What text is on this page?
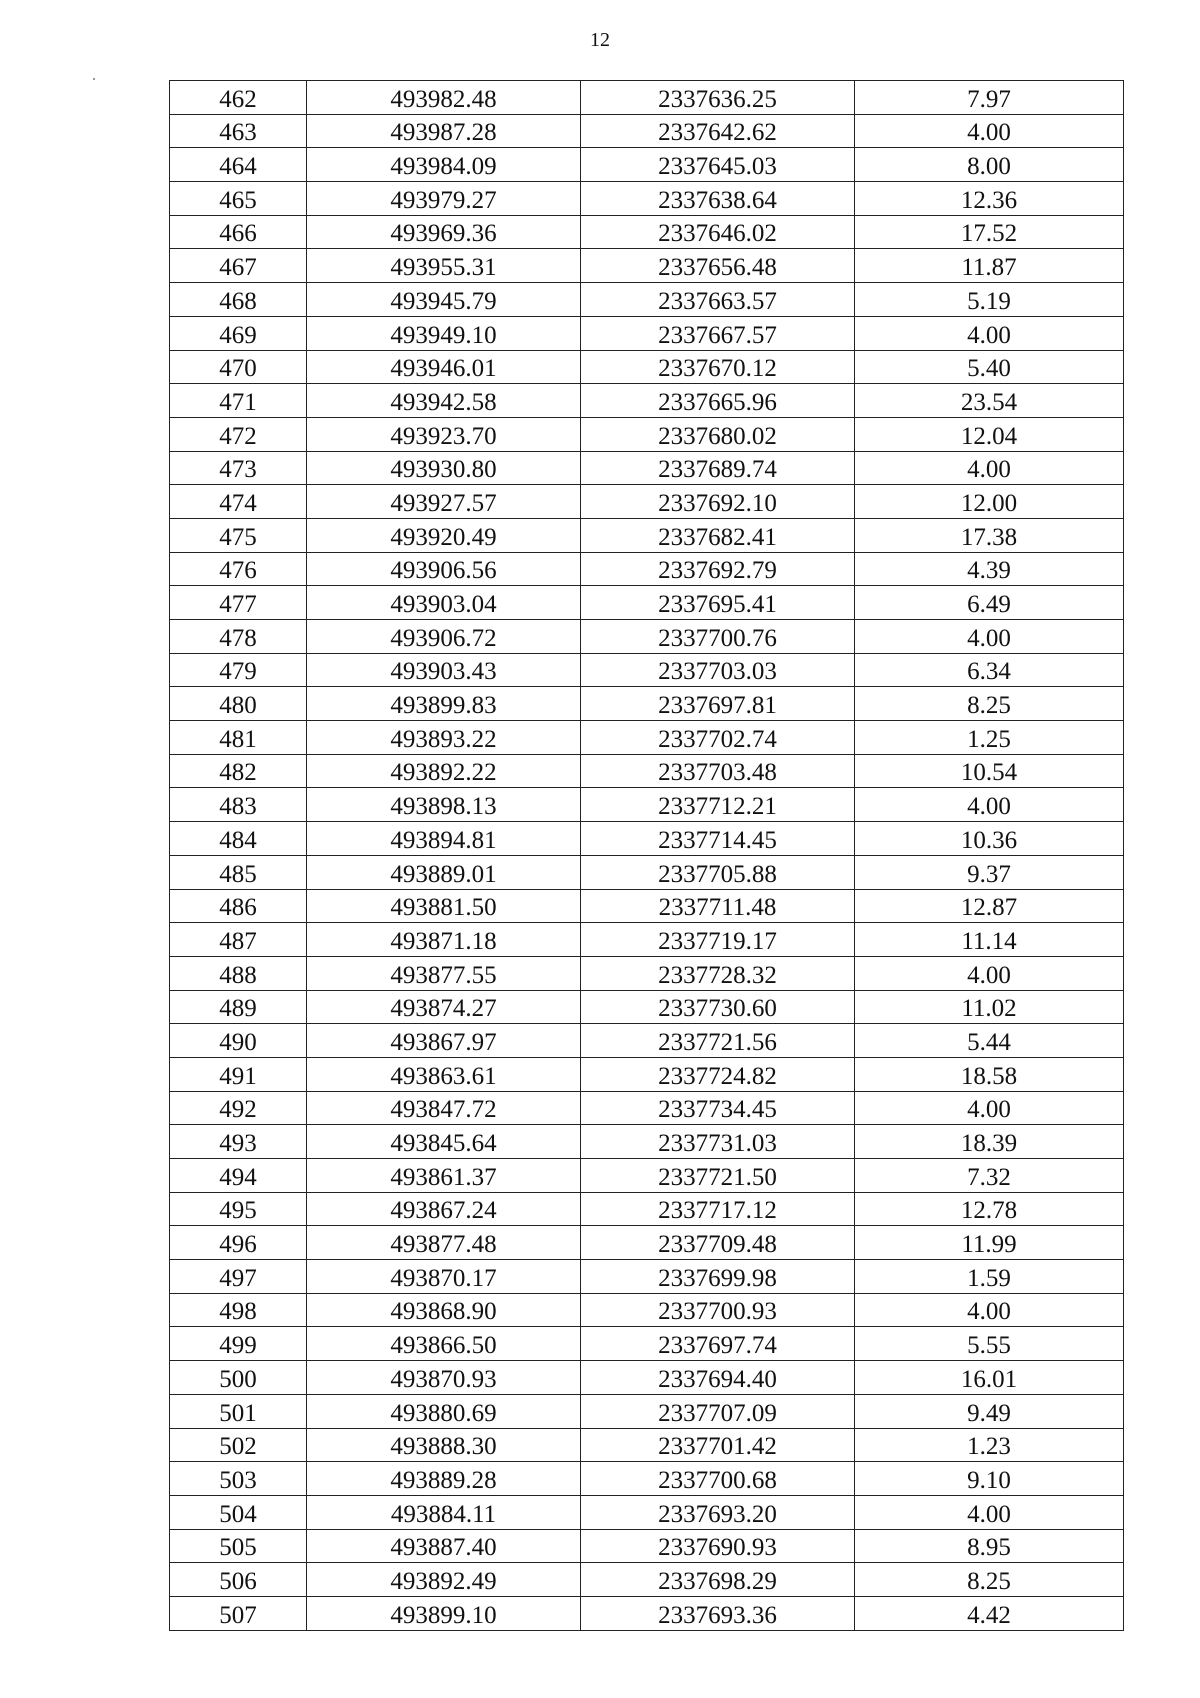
12
462	493982.48	2337636.25	7.97
463	493987.28	2337642.62	4.00
464	493984.09	2337645.03	8.00
465	493979.27	2337638.64	12.36
466	493969.36	2337646.02	17.52
467	493955.31	2337656.48	11.87
468	493945.79	2337663.57	5.19
469	493949.10	2337667.57	4.00
470	493946.01	2337670.12	5.40
471	493942.58	2337665.96	23.54
472	493923.70	2337680.02	12.04
473	493930.80	2337689.74	4.00
474	493927.57	2337692.10	12.00
475	493920.49	2337682.41	17.38
476	493906.56	2337692.79	4.39
477	493903.04	2337695.41	6.49
478	493906.72	2337700.76	4.00
479	493903.43	2337703.03	6.34
480	493899.83	2337697.81	8.25
481	493893.22	2337702.74	1.25
482	493892.22	2337703.48	10.54
483	493898.13	2337712.21	4.00
484	493894.81	2337714.45	10.36
485	493889.01	2337705.88	9.37
486	493881.50	2337711.48	12.87
487	493871.18	2337719.17	11.14
488	493877.55	2337728.32	4.00
489	493874.27	2337730.60	11.02
490	493867.97	2337721.56	5.44
491	493863.61	2337724.82	18.58
492	493847.72	2337734.45	4.00
493	493845.64	2337731.03	18.39
494	493861.37	2337721.50	7.32
495	493867.24	2337717.12	12.78
496	493877.48	2337709.48	11.99
497	493870.17	2337699.98	1.59
498	493868.90	2337700.93	4.00
499	493866.50	2337697.74	5.55
500	493870.93	2337694.40	16.01
501	493880.69	2337707.09	9.49
502	493888.30	2337701.42	1.23
503	493889.28	2337700.68	9.10
504	493884.11	2337693.20	4.00
505	493887.40	2337690.93	8.95
506	493892.49	2337698.29	8.25
507	493899.10	2337693.36	4.42
